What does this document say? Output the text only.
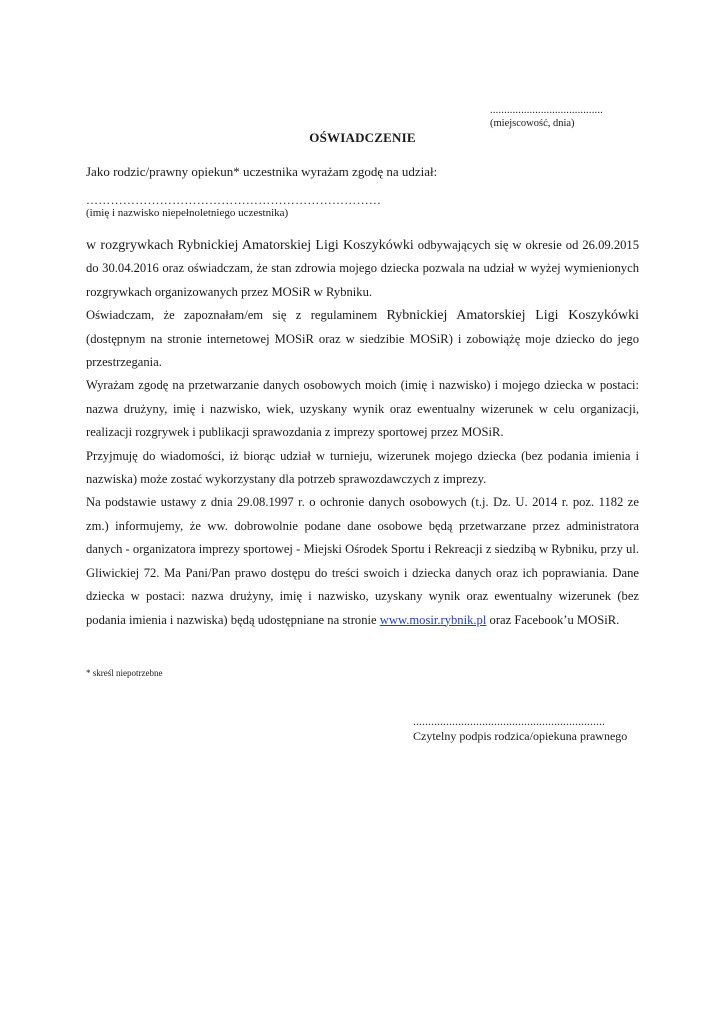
........................................
(miejscowość, dnia)
OŚWIADCZENIE
Jako rodzic/prawny opiekun* uczestnika wyrażam zgodę na udział:
………………………………………………………………
(imię i nazwisko niepełnoletniego uczestnika)

w rozgrywkach Rybnickiej Amatorskiej Ligi Koszykówki odbywających się w okresie od 26.09.2015 do 30.04.2016 oraz oświadczam, że stan zdrowia mojego dziecka pozwala na udział w wyżej wymienionych rozgrywkach organizowanych przez MOSiR w Rybniku.

Oświadczam, że zapoznałam/em się z regulaminem Rybnickiej Amatorskiej Ligi Koszykówki (dostępnym na stronie internetowej MOSiR oraz w siedzibie MOSiR) i zobowiążę moje dziecko do jego przestrzegania.

Wyrażam zgodę na przetwarzanie danych osobowych moich (imię i nazwisko) i mojego dziecka w postaci: nazwa drużyny, imię i nazwisko, wiek, uzyskany wynik oraz ewentualny wizerunek w celu organizacji, realizacji rozgrywek i publikacji sprawozdania z imprezy sportowej przez MOSiR.

Przyjmuję do wiadomości, iż biorąc udział w turnieju, wizerunek mojego dziecka (bez podania imienia i nazwiska) może zostać wykorzystany dla potrzeb sprawozdawczych z imprezy.

Na podstawie ustawy z dnia 29.08.1997 r. o ochronie danych osobowych (t.j. Dz. U. 2014 r. poz. 1182 ze zm.) informujemy, że ww. dobrowolnie podane dane osobowe będą przetwarzane przez administratora danych - organizatora imprezy sportowej - Miejski Ośrodek Sportu i Rekreacji z siedzibą w Rybniku, przy ul. Gliwickiej 72. Ma Pani/Pan prawo dostępu do treści swoich i dziecka danych oraz ich poprawiania. Dane dziecka w postaci: nazwa drużyny, imię i nazwisko, uzyskany wynik oraz ewentualny wizerunek (bez podania imienia i nazwiska) będą udostępniane na stronie www.mosir.rybnik.pl oraz Facebook’u MOSiR.

* skreśl niepotrzebne
................................................................
Czytelny podpis rodzica/opiekuna prawnego
